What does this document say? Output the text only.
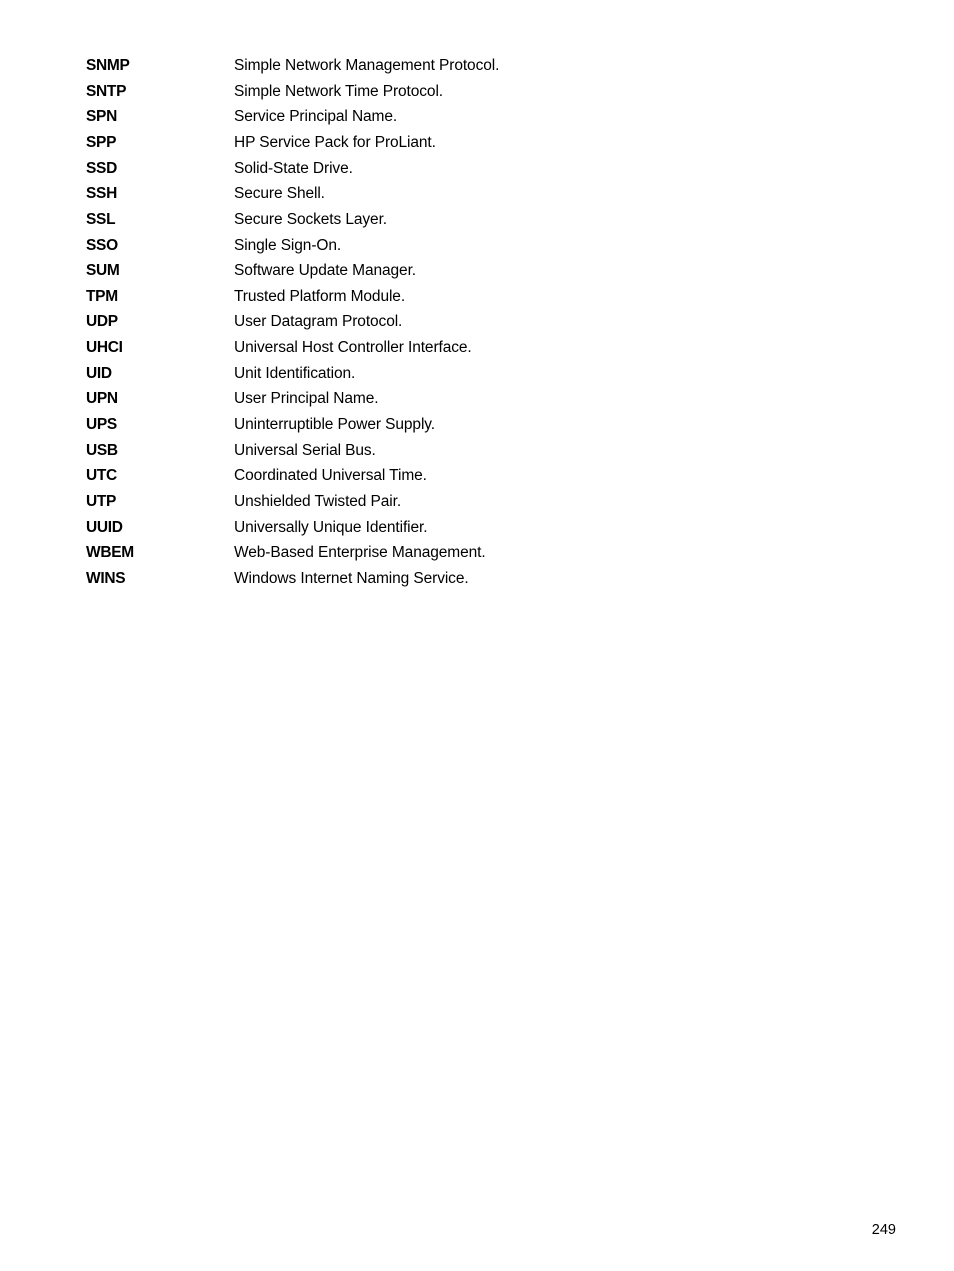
SNMP	Simple Network Management Protocol.
SNTP	Simple Network Time Protocol.
SPN	Service Principal Name.
SPP	HP Service Pack for ProLiant.
SSD	Solid-State Drive.
SSH	Secure Shell.
SSL	Secure Sockets Layer.
SSO	Single Sign-On.
SUM	Software Update Manager.
TPM	Trusted Platform Module.
UDP	User Datagram Protocol.
UHCI	Universal Host Controller Interface.
UID	Unit Identification.
UPN	User Principal Name.
UPS	Uninterruptible Power Supply.
USB	Universal Serial Bus.
UTC	Coordinated Universal Time.
UTP	Unshielded Twisted Pair.
UUID	Universally Unique Identifier.
WBEM	Web-Based Enterprise Management.
WINS	Windows Internet Naming Service.
249
